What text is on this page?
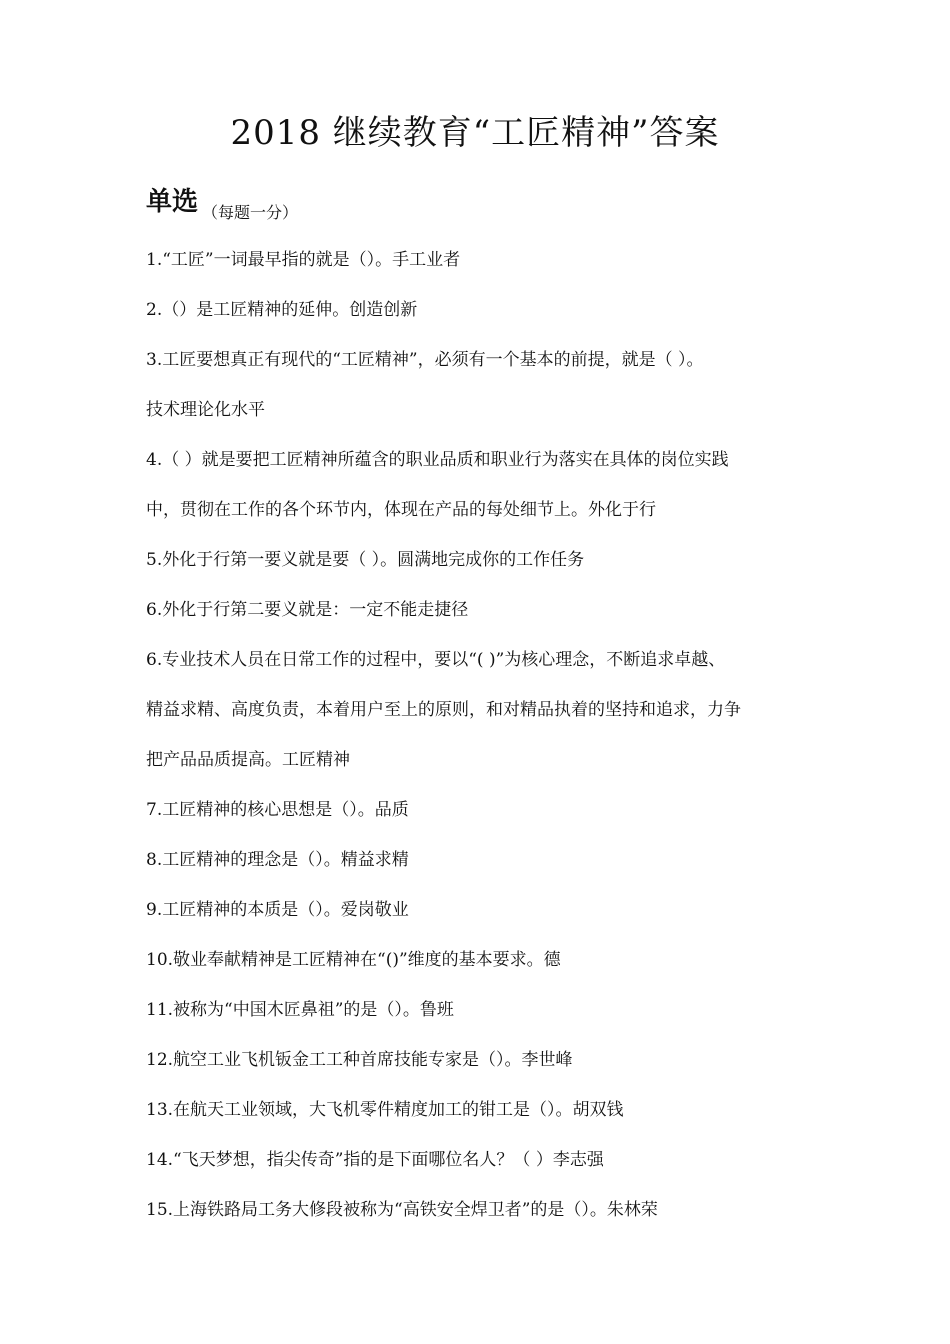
2018 继续教育“工匠精神”答案
单选 （每题一分）
1.“工匠”一词最早指的就是（）。手工业者
2.（）是工匠精神的延伸。创造创新
3.工匠要想真正有现代的“工匠精神”，必须有一个基本的前提，就是（ ）。
技术理论化水平
4.（ ）就是要把工匠精神所蕴含的职业品质和职业行为落实在具体的岗位实践
中，贯彻在工作的各个环节内，体现在产品的每处细节上。外化于行
5.外化于行第一要义就是要（ ）。圆满地完成你的工作任务
6.外化于行第二要义就是：一定不能走捷径
6.专业技术人员在日常工作的过程中，要以“( )”为核心理念，不断追求卓越、
精益求精、高度负责，本着用户至上的原则，和对精品执着的坚持和追求，力争
把产品品质提高。工匠精神
7.工匠精神的核心思想是（）。品质
8.工匠精神的理念是（）。精益求精
9.工匠精神的本质是（）。爱岗敬业
10.敬业奉献精神是工匠精神在“()”维度的基本要求。德
11.被称为“中国木匠鼻祖”的是（）。鲁班
12.航空工业飞机钣金工工种首席技能专家是（）。李世峰
13.在航天工业领域，大飞机零件精度加工的钳工是（）。胡双钱
14.“飞天梦想，指尖传奇”指的是下面哪位名人？（ ）李志强
15.上海铁路局工务大修段被称为“高铁安全焊卫者”的是（）。朱林荣
